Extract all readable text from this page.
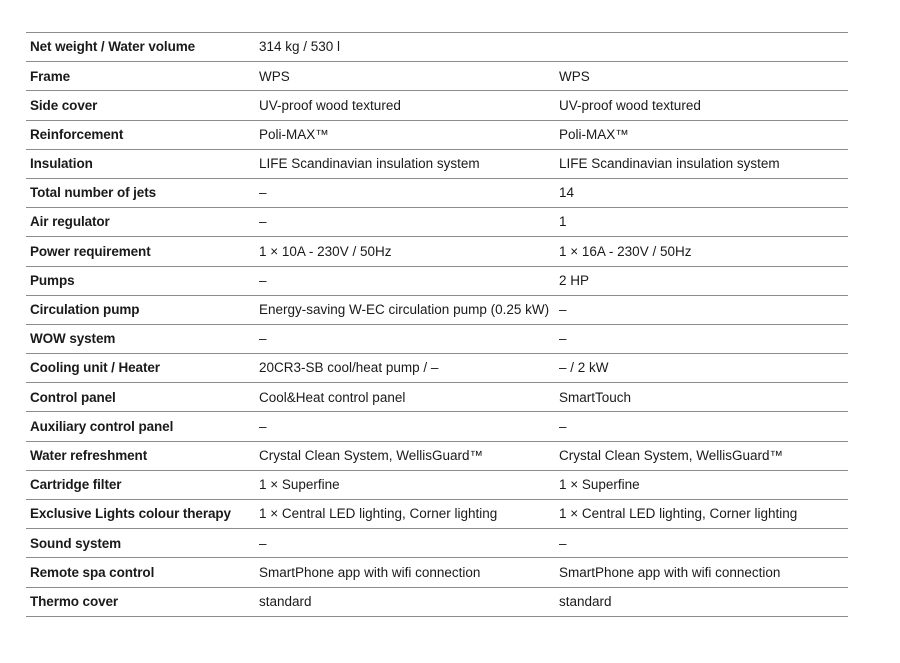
Net weight / Water volume	314 kg / 530 l	
Frame	WPS	WPS
Side cover	UV-proof wood textured	UV-proof wood textured
Reinforcement	Poli-MAX™	Poli-MAX™
Insulation	LIFE Scandinavian insulation system	LIFE Scandinavian insulation system
Total number of jets	–	14
Air regulator	–	1
Power requirement	1 × 10A - 230V / 50Hz	1 × 16A - 230V / 50Hz
Pumps	–	2 HP
Circulation pump	Energy-saving W-EC circulation pump (0.25 kW)	–
WOW system	–	–
Cooling unit / Heater	20CR3-SB cool/heat pump / –	– / 2 kW
Control panel	Cool&Heat control panel	SmartTouch
Auxiliary control panel	–	–
Water refreshment	Crystal Clean System, WellisGuard™	Crystal Clean System, WellisGuard™
Cartridge filter	1 × Superfine	1 × Superfine
Exclusive Lights colour therapy	1 × Central LED lighting, Corner lighting	1 × Central LED lighting, Corner lighting
Sound system	–	–
Remote spa control	SmartPhone app with wifi connection	SmartPhone app with wifi connection
Thermo cover	standard	standard
